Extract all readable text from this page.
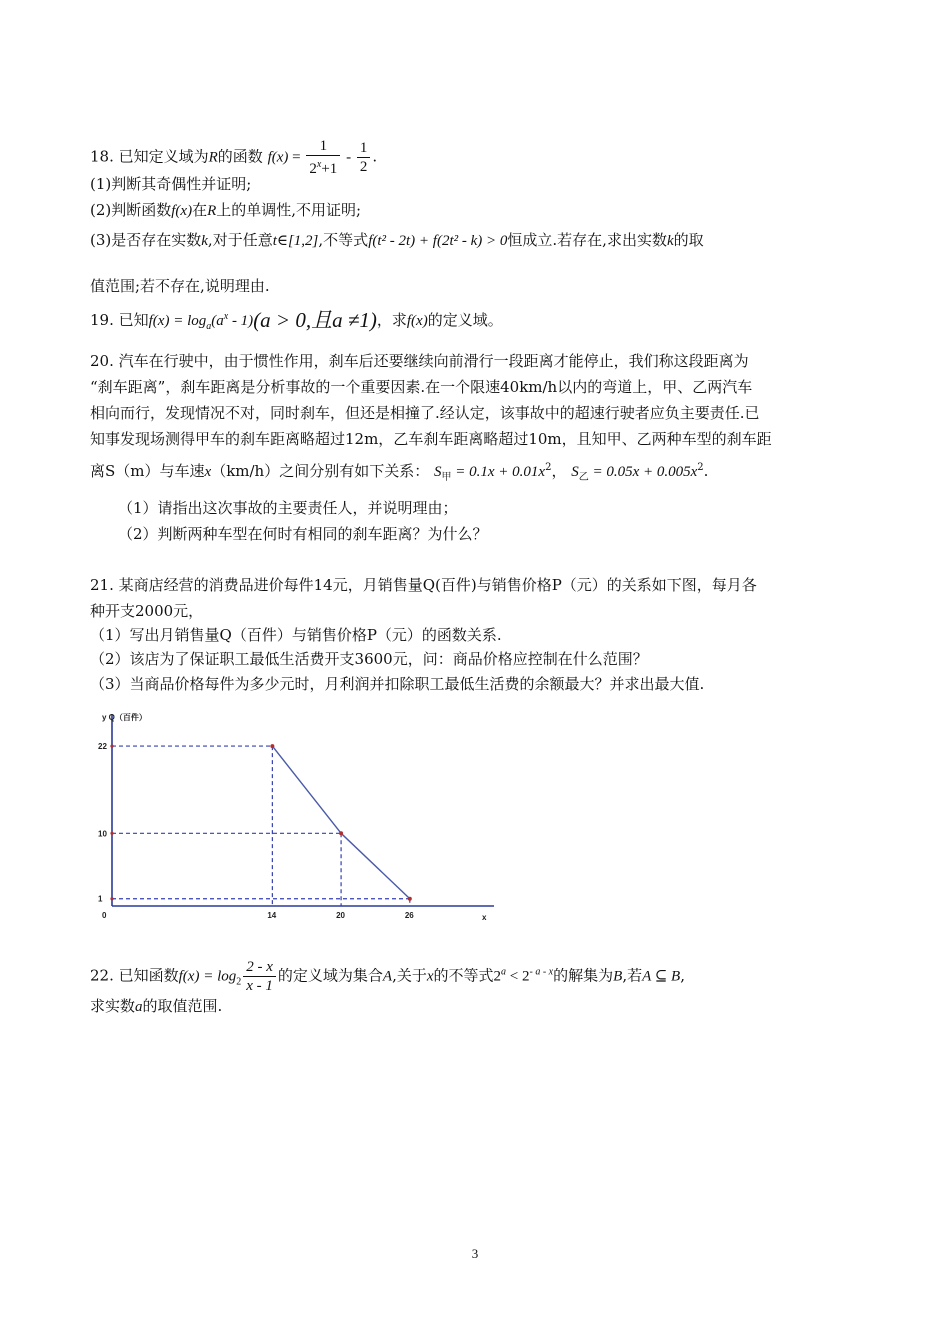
18. 已知定义域为R的函数 $f(x) = \frac{1}{2^x+1} - \frac{1}{2}$ .
(1)判断其奇偶性并证明;
(2)判断函数f(x)在R上的单调性,不用证明;
(3)是否存在实数k,对于任意t∈[1,2],不等式f(t² - 2t) + f(2t² - k) > 0恒成立.若存在,求出实数k的取
值范围;若不存在,说明理由.
19. 已知$f(x) = \log_a(a^x - 1)(a > 0$,且a ≠1)，求f(x)的定义域。
20. 汽车在行驶中，由于惯性作用，刹车后还要继续向前滑行一段距离才能停止，我们称这段距离为
“刹车距离”，刹车距离是分析事故的一个重要因素.在一个限速40km/h以内的弯道上，甲、乙两汽车
相向而行，发现情况不对，同时刹车，但还是相撞了.经认定，该事故中的超速行驶者应负主要责任.已
知事发现场测得甲车的刹车距离略超过12m，乙车刹车距离略超过10m，且知甲、乙两种车型的刹车距
离S（m）与车速x（km/h）之间分别有如下关系： $S_甲 = 0.1x + 0.01x^2$， $S_乙 = 0.05x + 0.005x^2$.
（1）请指出这次事故的主要责任人，并说明理由；
（2）判断两种车型在何时有相同的刹车距离？为什么？
21. 某商店经营的消费品进价每件14元，月销售量Q(百件)与销售价格P（元）的关系如下图，每月各
种开支2000元，
（1）写出月销售量Q（百件）与销售价格P（元）的函数关系.
（2）该店为了保证职工最低生活费开支3600元，问：商品价格应控制在什么范围？
（3）当商品价格每件为多少元时，月利润并扣除职工最低生活费的余额最大？并求出最大值.
y Q（百件）
x
0	14	20	26
1
10
22
22. 已知函数$f(x) = \log_2 \frac{2 - x}{x - 1}$ 的定义域为集合A,关于x的不等式$2^a < 2^{- a - x}$的解集为B,若A ⊆ B,
求实数a的取值范围.
3
